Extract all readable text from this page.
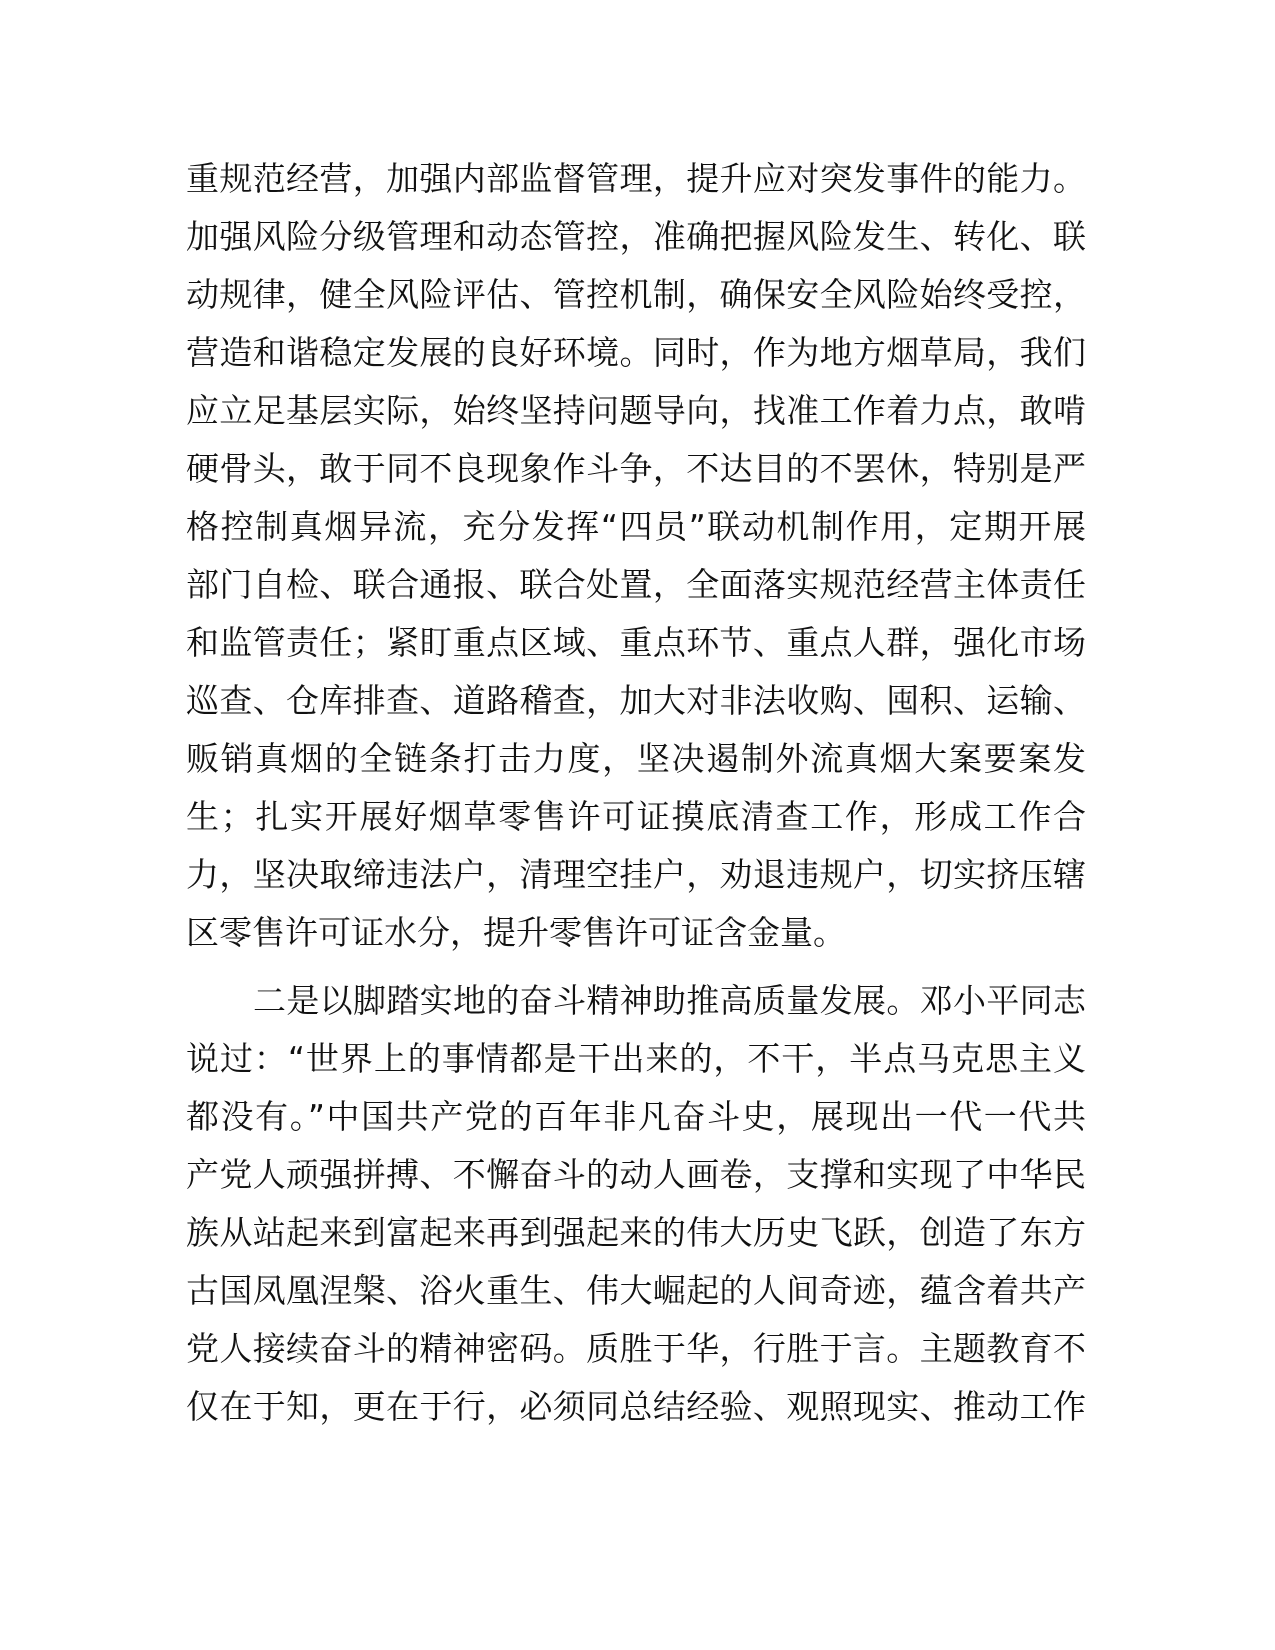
重规范经营，加强内部监督管理，提升应对突发事件的能力。
加强风险分级管理和动态管控，准确把握风险发生、转化、联
动规律，健全风险评估、管控机制，确保安全风险始终受控，
营造和谐稳定发展的良好环境。同时，作为地方烟草局，我们
应立足基层实际，始终坚持问题导向，找准工作着力点，敢啃
硬骨头，敢于同不良现象作斗争，不达目的不罢休，特别是严
格控制真烟异流，充分发挥“四员”联动机制作用，定期开展
部门自检、联合通报、联合处置，全面落实规范经营主体责任
和监管责任；紧盯重点区域、重点环节、重点人群，强化市场
巡查、仓库排查、道路稽查，加大对非法收购、囤积、运输、
贩销真烟的全链条打击力度，坚决遏制外流真烟大案要案发
生；扎实开展好烟草零售许可证摸底清查工作，形成工作合
力，坚决取缔违法户，清理空挂户，劝退违规户，切实挤压辖
区零售许可证水分，提升零售许可证含金量。
二是以脚踏实地的奋斗精神助推高质量发展。邓小平同志
说过：“世界上的事情都是干出来的，不干，半点马克思主义
都没有。”中国共产党的百年非凡奋斗史，展现出一代一代共
产党人顽强拼搏、不懈奋斗的动人画卷，支撑和实现了中华民
族从站起来到富起来再到强起来的伟大历史飞跃，创造了东方
古国凤凰涅槃、浴火重生、伟大崛起的人间奇迹，蕴含着共产
党人接续奋斗的精神密码。质胜于华，行胜于言。主题教育不
仅在于知，更在于行，必须同总结经验、观照现实、推动工作
